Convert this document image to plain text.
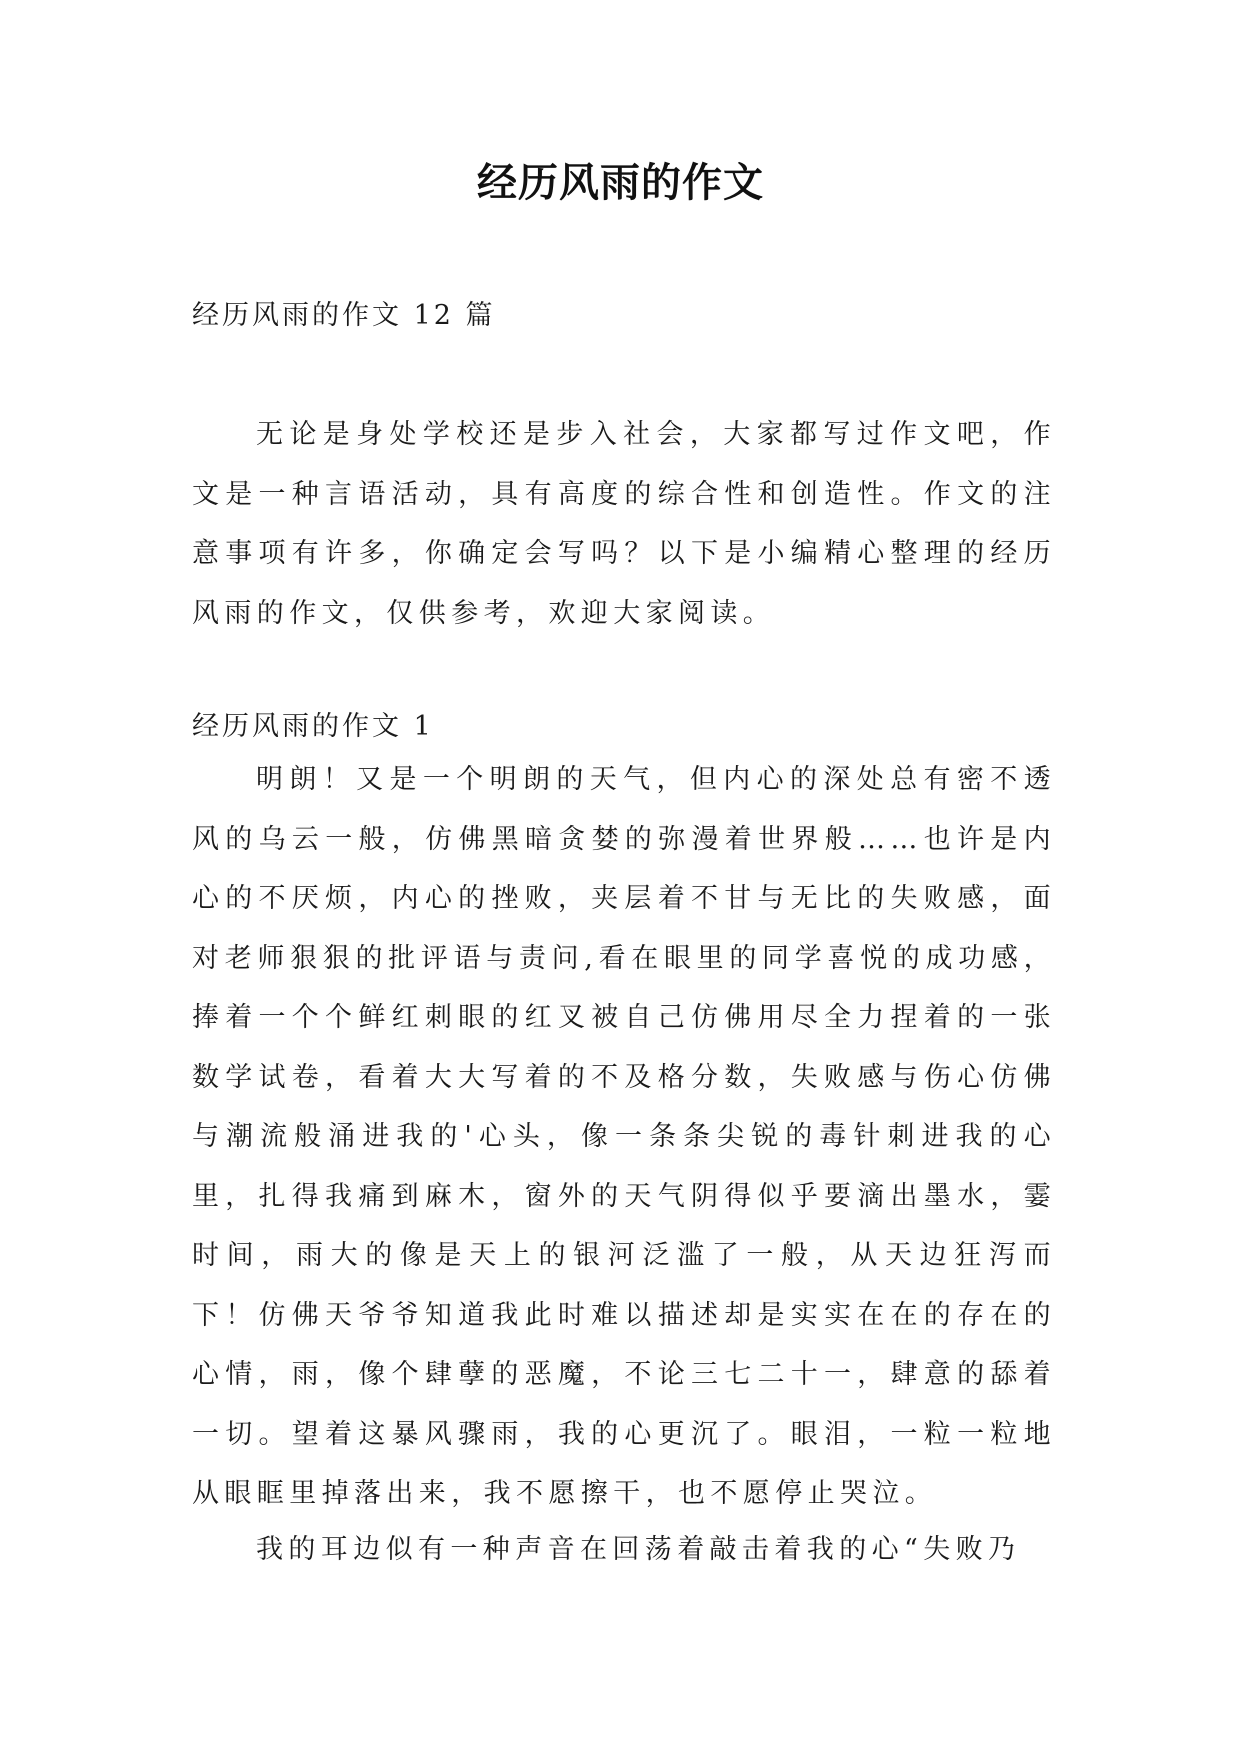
经历风雨的作文
经历风雨的作文 12 篇

无论是身处学校还是步入社会，大家都写过作文吧，作文是一种言语活动，具有高度的综合性和创造性。作文的注意事项有许多，你确定会写吗？以下是小编精心整理的经历风雨的作文，仅供参考，欢迎大家阅读。

经历风雨的作文 1

明朗！又是一个明朗的天气，但内心的深处总有密不透风的乌云一般，仿佛黑暗贪婪的弥漫着世界般……也许是内心的不厌烦，内心的挫败，夹层着不甘与无比的失败感，面对老师狠狠的批评语与责问,看在眼里的同学喜悦的成功感，捧着一个个鲜红刺眼的红叉被自己仿佛用尽全力捏着的一张数学试卷，看着大大写着的不及格分数，失败感与伤心仿佛与潮流般涌进我的'心头，像一条条尖锐的毒针刺进我的心里，扎得我痛到麻木，窗外的天气阴得似乎要滴出墨水，霎时间，雨大的像是天上的银河泛滥了一般，从天边狂泻而下！仿佛天爷爷知道我此时难以描述却是实实在在的存在的心情，雨，像个肆孽的恶魔，不论三七二十一，肆意的舔着一切。望着这暴风骤雨，我的心更沉了。眼泪，一粒一粒地从眼眶里掉落出来，我不愿擦干，也不愿停止哭泣。

我的耳边似有一种声音在回荡着敲击着我的心“失败乃
